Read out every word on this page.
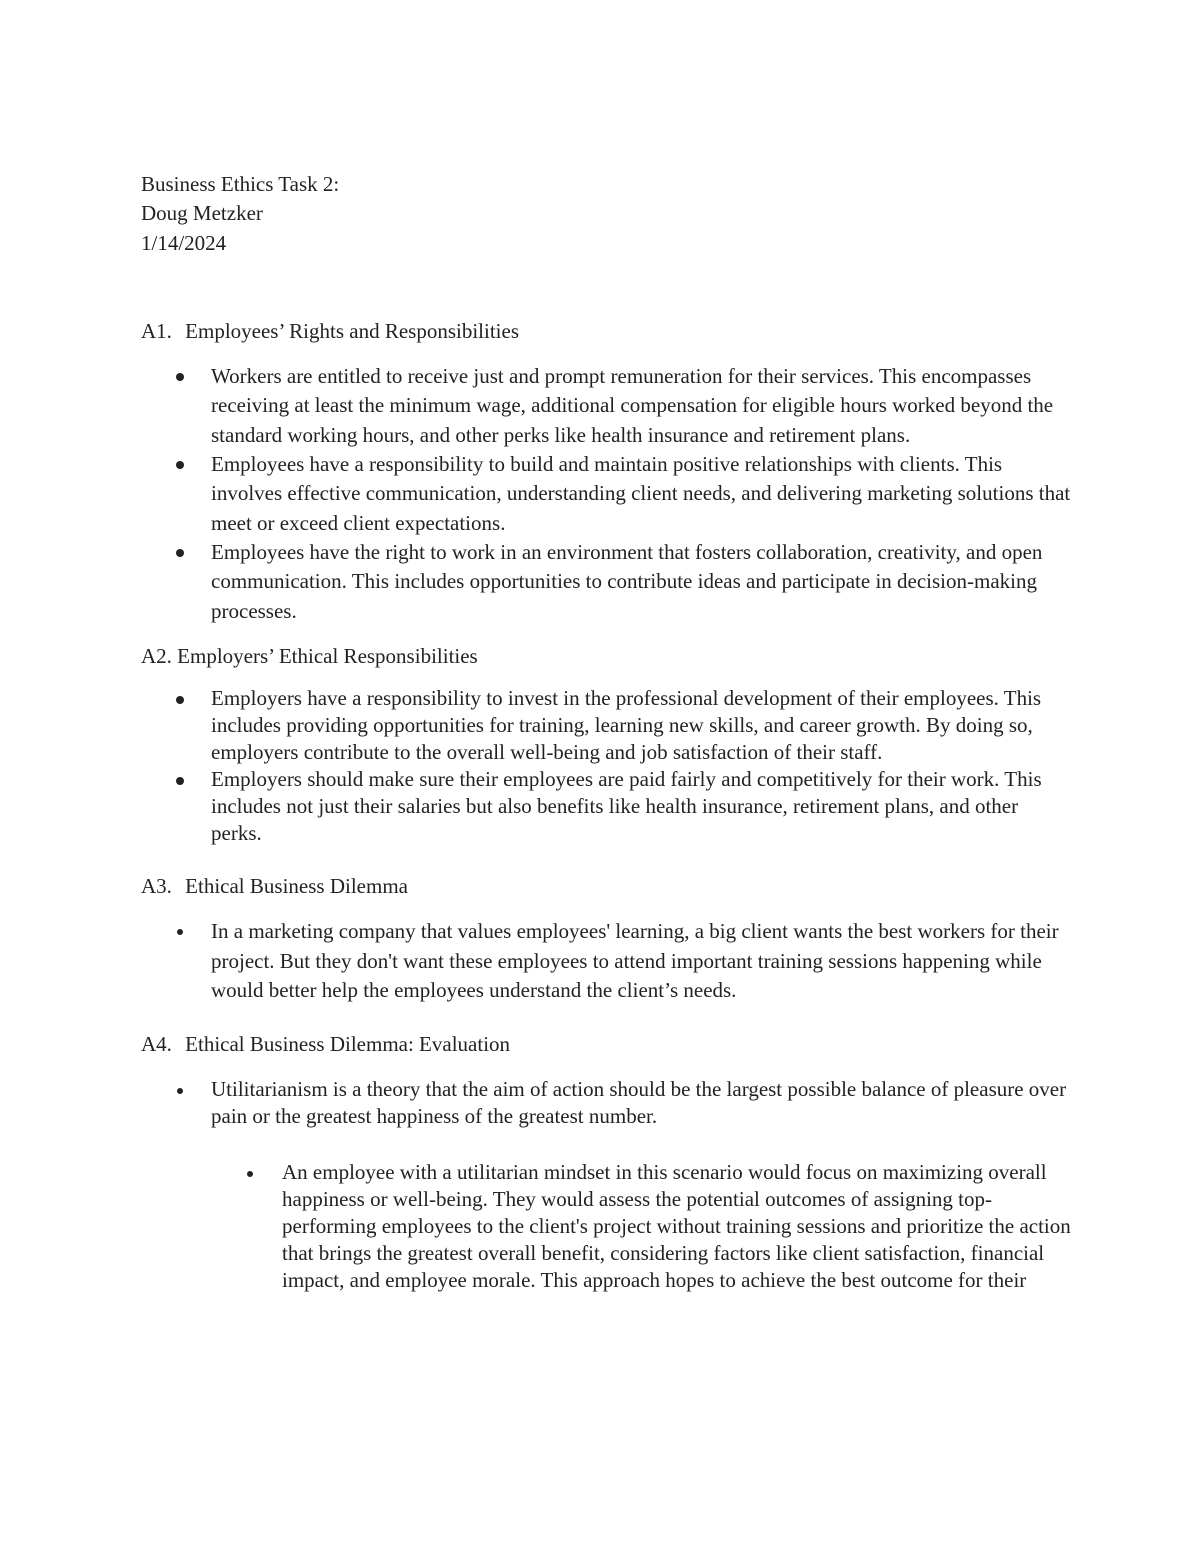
Business Ethics Task 2:
Doug Metzker
1/14/2024
A1. Employees’ Rights and Responsibilities
Workers are entitled to receive just and prompt remuneration for their services. This encompasses receiving at least the minimum wage, additional compensation for eligible hours worked beyond the standard working hours, and other perks like health insurance and retirement plans.
Employees have a responsibility to build and maintain positive relationships with clients. This involves effective communication, understanding client needs, and delivering marketing solutions that meet or exceed client expectations.
Employees have the right to work in an environment that fosters collaboration, creativity, and open communication. This includes opportunities to contribute ideas and participate in decision-making processes.
A2. Employers’ Ethical Responsibilities
Employers have a responsibility to invest in the professional development of their employees. This includes providing opportunities for training, learning new skills, and career growth. By doing so, employers contribute to the overall well-being and job satisfaction of their staff.
Employers should make sure their employees are paid fairly and competitively for their work. This includes not just their salaries but also benefits like health insurance, retirement plans, and other perks.
A3. Ethical Business Dilemma
In a marketing company that values employees' learning, a big client wants the best workers for their project. But they don't want these employees to attend important training sessions happening while would better help the employees understand the client’s needs.
A4. Ethical Business Dilemma: Evaluation
Utilitarianism is a theory that the aim of action should be the largest possible balance of pleasure over pain or the greatest happiness of the greatest number.
An employee with a utilitarian mindset in this scenario would focus on maximizing overall happiness or well-being. They would assess the potential outcomes of assigning top-performing employees to the client's project without training sessions and prioritize the action that brings the greatest overall benefit, considering factors like client satisfaction, financial impact, and employee morale. This approach hopes to achieve the best outcome for their
